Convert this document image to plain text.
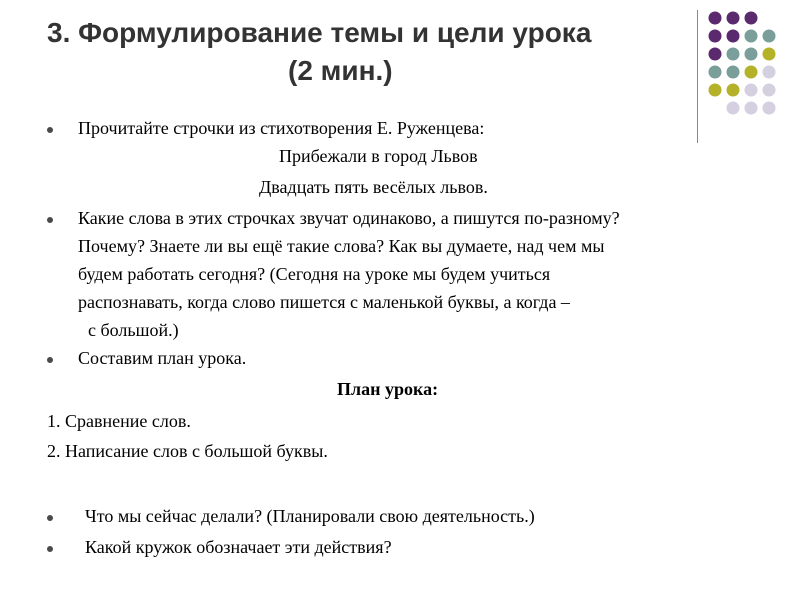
3. Формулирование темы и цели урока
(2 мин.)
Прочитайте строчки из стихотворения Е. Руженцева:
Прибежали в город Львов
Двадцать пять весёлых львов.
Какие слова в этих строчках звучат одинаково, а пишутся по-разному?
Почему? Знаете ли вы ещё такие слова? Как вы думаете, над чем мы
будем работать сегодня? (Сегодня на уроке мы будем учиться
распознавать, когда слово пишется с маленькой буквы, а когда –
с большой.)
Составим план урока.
План урока:
1. Сравнение слов.
2. Написание слов с большой буквы.
Что мы сейчас делали? (Планировали свою деятельность.)
Какой кружок обозначает эти действия?
